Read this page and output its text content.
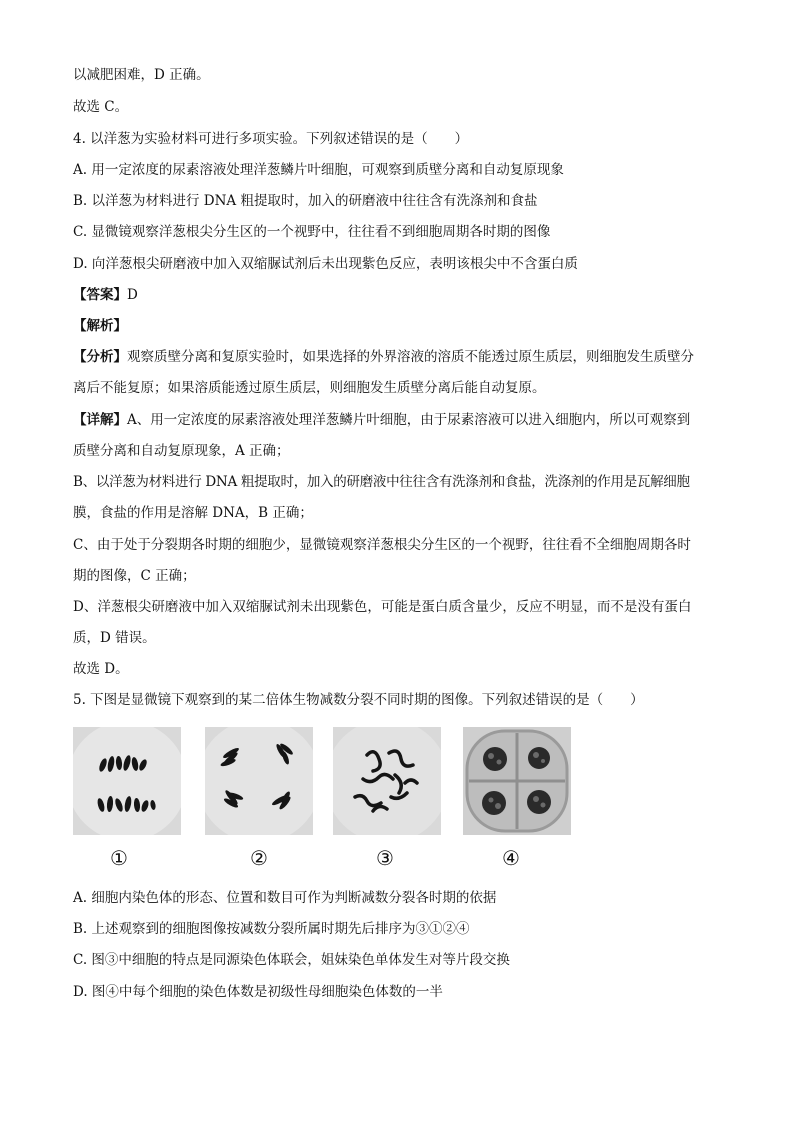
以减肥困难，D 正确。
故选 C。
4. 以洋葱为实验材料可进行多项实验。下列叙述错误的是（　　）
A. 用一定浓度的尿素溶液处理洋葱鳞片叶细胞，可观察到质壁分离和自动复原现象
B. 以洋葱为材料进行 DNA 粗提取时，加入的研磨液中往往含有洗涤剂和食盐
C. 显微镜观察洋葱根尖分生区的一个视野中，往往看不到细胞周期各时期的图像
D. 向洋葱根尖研磨液中加入双缩脲试剂后未出现紫色反应，表明该根尖中不含蛋白质
【答案】D
【解析】
【分析】观察质壁分离和复原实验时，如果选择的外界溶液的溶质不能透过原生质层，则细胞发生质壁分
离后不能复原；如果溶质能透过原生质层，则细胞发生质壁分离后能自动复原。
【详解】A、用一定浓度的尿素溶液处理洋葱鳞片叶细胞，由于尿素溶液可以进入细胞内，所以可观察到
质壁分离和自动复原现象，A 正确；
B、以洋葱为材料进行 DNA 粗提取时，加入的研磨液中往往含有洗涤剂和食盐，洗涤剂的作用是瓦解细胞
膜，食盐的作用是溶解 DNA，B 正确；
C、由于处于分裂期各时期的细胞少，显微镜观察洋葱根尖分生区的一个视野，往往看不全细胞周期各时
期的图像，C 正确；
D、洋葱根尖研磨液中加入双缩脲试剂未出现紫色，可能是蛋白质含量少，反应不明显，而不是没有蛋白
质，D 错误。
故选 D。
5. 下图是显微镜下观察到的某二倍体生物减数分裂不同时期的图像。下列叙述错误的是（　　）
①	②	③	④
A. 细胞内染色体的形态、位置和数目可作为判断减数分裂各时期的依据
B. 上述观察到的细胞图像按减数分裂所属时期先后排序为③①②④
C. 图③中细胞的特点是同源染色体联会，姐妹染色单体发生对等片段交换
D. 图④中每个细胞的染色体数是初级性母细胞染色体数的一半
